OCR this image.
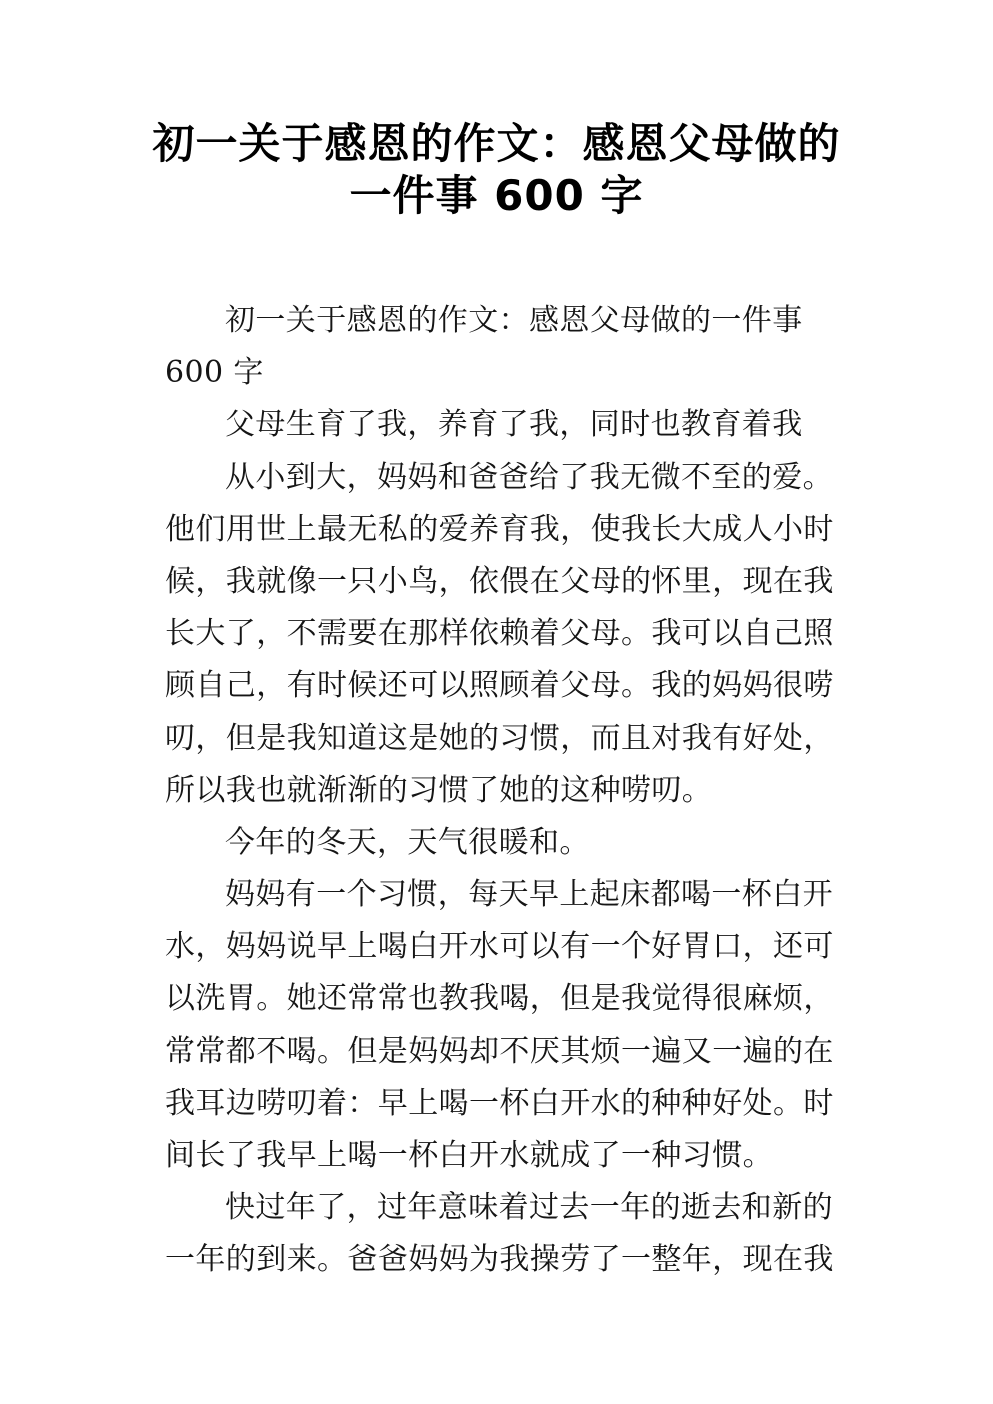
初一关于感恩的作文：感恩父母做的
一件事 600 字
初一关于感恩的作文：感恩父母做的一件事
600 字
父母生育了我，养育了我，同时也教育着我
从小到大，妈妈和爸爸给了我无微不至的爱。
他们用世上最无私的爱养育我，使我长大成人小时
候，我就像一只小鸟，依偎在父母的怀里，现在我
长大了，不需要在那样依赖着父母。我可以自己照
顾自己，有时候还可以照顾着父母。我的妈妈很唠
叨，但是我知道这是她的习惯，而且对我有好处，
所以我也就渐渐的习惯了她的这种唠叨。
今年的冬天，天气很暖和。
妈妈有一个习惯，每天早上起床都喝一杯白开
水，妈妈说早上喝白开水可以有一个好胃口，还可
以洗胃。她还常常也教我喝，但是我觉得很麻烦，
常常都不喝。但是妈妈却不厌其烦一遍又一遍的在
我耳边唠叨着：早上喝一杯白开水的种种好处。时
间长了我早上喝一杯白开水就成了一种习惯。
快过年了，过年意味着过去一年的逝去和新的
一年的到来。爸爸妈妈为我操劳了一整年，现在我
